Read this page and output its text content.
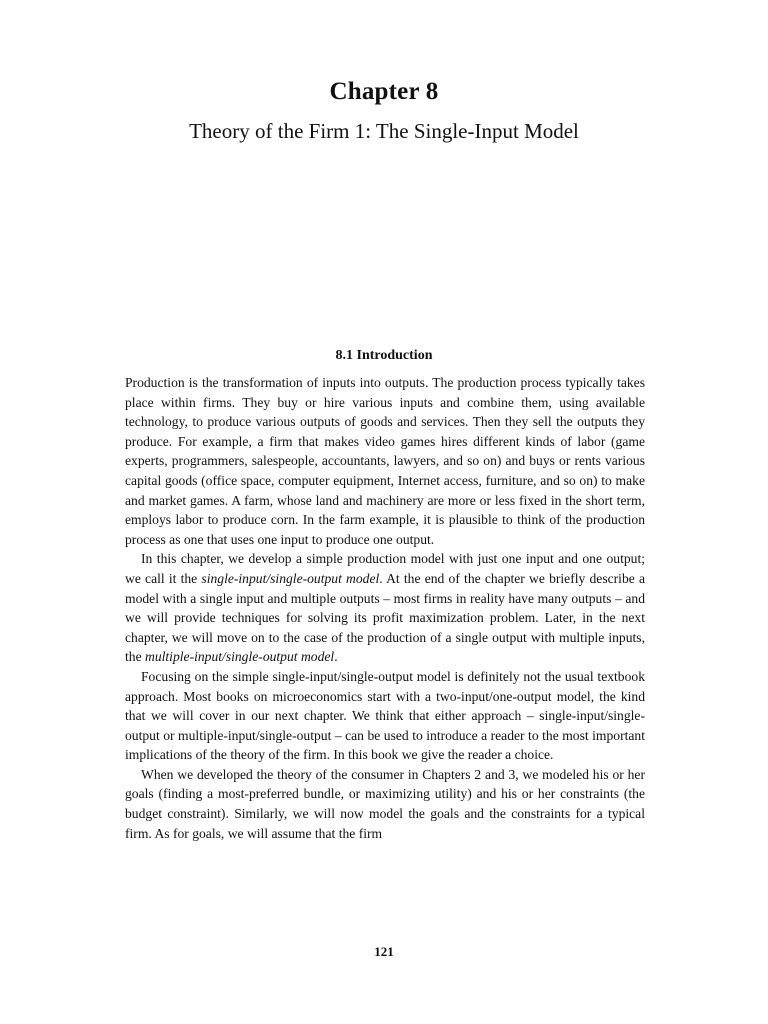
Chapter 8
Theory of the Firm 1: The Single-Input Model
8.1 Introduction

Production is the transformation of inputs into outputs. The production process typically takes place within firms. They buy or hire various inputs and combine them, using available technology, to produce various outputs of goods and services. Then they sell the outputs they produce. For example, a firm that makes video games hires different kinds of labor (game experts, programmers, salespeople, accountants, lawyers, and so on) and buys or rents various capital goods (office space, computer equipment, Internet access, furniture, and so on) to make and market games. A farm, whose land and machinery are more or less fixed in the short term, employs labor to produce corn. In the farm example, it is plausible to think of the production process as one that uses one input to produce one output.

In this chapter, we develop a simple production model with just one input and one output; we call it the single-input/single-output model. At the end of the chapter we briefly describe a model with a single input and multiple outputs – most firms in reality have many outputs – and we will provide techniques for solving its profit maximization problem. Later, in the next chapter, we will move on to the case of the production of a single output with multiple inputs, the multiple-input/single-output model.

Focusing on the simple single-input/single-output model is definitely not the usual textbook approach. Most books on microeconomics start with a two-input/one-output model, the kind that we will cover in our next chapter. We think that either approach – single-input/single-output or multiple-input/single-output – can be used to introduce a reader to the most important implications of the theory of the firm. In this book we give the reader a choice.

When we developed the theory of the consumer in Chapters 2 and 3, we modeled his or her goals (finding a most-preferred bundle, or maximizing utility) and his or her constraints (the budget constraint). Similarly, we will now model the goals and the constraints for a typical firm. As for goals, we will assume that the firm

121
